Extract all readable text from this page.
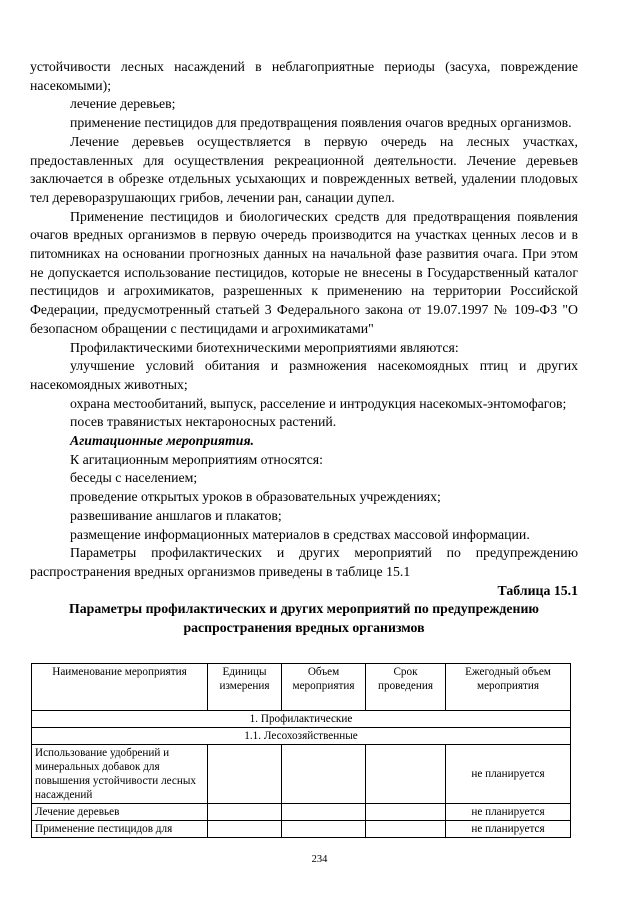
устойчивости лесных насаждений в неблагоприятные периоды (засуха, повреждение насекомыми);

лечение деревьев;

применение пестицидов для предотвращения появления очагов вредных организмов.

Лечение деревьев осуществляется в первую очередь на лесных участках, предоставленных для осуществления рекреационной деятельности. Лечение деревьев заключается в обрезке отдельных усыхающих и поврежденных ветвей, удалении плодовых тел дереворазрушающих грибов, лечении ран, санации дупел.

Применение пестицидов и биологических средств для предотвращения появления очагов вредных организмов в первую очередь производится на участках ценных лесов и в питомниках на основании прогнозных данных на начальной фазе развития очага. При этом не допускается использование пестицидов, которые не внесены в Государственный каталог пестицидов и агрохимикатов, разрешенных к применению на территории Российской Федерации, предусмотренный статьей 3 Федерального закона от 19.07.1997 № 109-ФЗ "О безопасном обращении с пестицидами и агрохимикатами"

Профилактическими биотехническими мероприятиями являются:

улучшение условий обитания и размножения насекомоядных птиц и других насекомоядных животных;

охрана местообитаний, выпуск, расселение и интродукция насекомых-энтомофагов;

посев травянистых нектароносных растений.

Агитационные мероприятия.

К агитационным мероприятиям относятся:

беседы с населением;

проведение открытых уроков в образовательных учреждениях;

развешивание аншлагов и плакатов;

размещение информационных материалов в средствах массовой информации.

Параметры профилактических и других мероприятий по предупреждению распространения вредных организмов приведены в таблице 15.1

Таблица 15.1

Параметры профилактических и других мероприятий по предупреждению распространения вредных организмов

Наименование мероприятия	Единицы измерения	Объем мероприятия	Срок проведения	Ежегодный объем мероприятия
1. Профилактические				
1.1. Лесохозяйственные				
Использование удобрений и минеральных добавок для повышения устойчивости лесных насаждений				не планируется
Лечение деревьев				не планируется
Применение пестицидов для				не планируется
234
